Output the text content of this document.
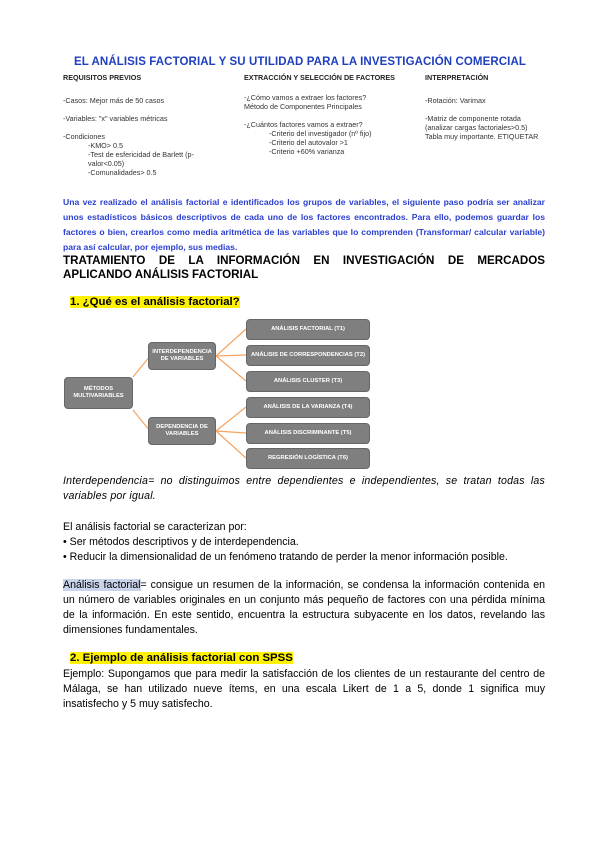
EL ANÁLISIS FACTORIAL Y SU UTILIDAD PARA LA INVESTIGACIÓN COMERCIAL
REQUISITOS PREVIOS
-Casos: Mejor más de 50 casos
-Variables: "x" variables métricas
-Condiciones
-KMO> 0.5
-Test de esfericidad de Barlett (p-
valor<0.05)
-Comunalidades> 0.5
EXTRACCIÓN Y SELECCIÓN DE FACTORES
-¿Cómo vamos a extraer los factores?
Método de Componentes Principales
-¿Cuántos factores vamos a extraer?
-Criterio del investigador (nº fijo)
-Criterio del autovalor >1
-Criterio +60% varianza
INTERPRETACIÓN
-Rotación: Varimax
-Matriz de componente rotada
(analizar cargas factoriales>0.5)
Tabla muy importante. ETIQUETAR
Una vez realizado el análisis factorial e identificados los grupos de variables, el siguiente paso podría ser analizar unos estadísticos básicos descriptivos de cada uno de los factores encontrados. Para ello, podemos guardar los factores o bien, crearlos como media aritmética de las variables que lo comprenden (Transformar/ calcular variable) para así calcular, por ejemplo, sus medias.
TRATAMIENTO DE LA INFORMACIÓN EN INVESTIGACIÓN DE MERCADOS APLICANDO ANÁLISIS FACTORIAL
1. ¿Qué es el análisis factorial?
MÉTODOS MULTIVARIABLES
INTERDEPENDENCIA DE VARIABLES
DEPENDENCIA DE VARIABLES
ANÁLISIS FACTORIAL (T1)
ANÁLISIS DE CORRESPONDENCIAS (T2)
ANÁLISIS CLUSTER (T3)
ANÁLISIS DE LA VARIANZA (T4)
ANÁLISIS DISCRIMINANTE (T5)
REGRESIÓN LOGÍSTICA (T6)
Interdependencia= no distinguimos entre dependientes e independientes, se tratan todas las variables por igual.
El análisis factorial se caracterizan por:
• Ser métodos descriptivos y de interdependencia.
• Reducir la dimensionalidad de un fenómeno tratando de perder la menor información posible.
Análisis factorial= consigue un resumen de la información, se condensa la información contenida en un número de variables originales en un conjunto más pequeño de factores con una pérdida mínima de la información. En este sentido, encuentra la estructura subyacente en los datos, revelando las dimensiones fundamentales.
2. Ejemplo de análisis factorial con SPSS
Ejemplo: Supongamos que para medir la satisfacción de los clientes de un restaurante del centro de Málaga, se han utilizado nueve ítems, en una escala Likert de 1 a 5, donde 1 significa muy insatisfecho y 5 muy satisfecho.
